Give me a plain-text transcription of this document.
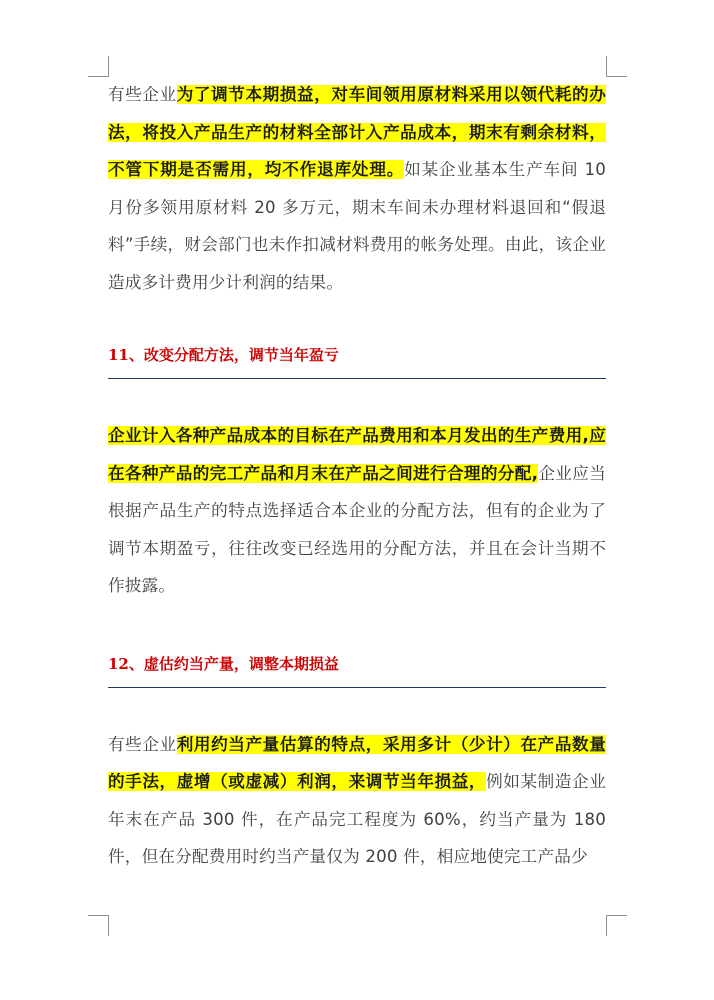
有些企业为了调节本期损益，对车间领用原材料采用以领代耗的办法，将投入产品生产的材料全部计入产品成本，期末有剩余材料，不管下期是否需用，均不作退库处理。如某企业基本生产车间 10 月份多领用原材料 20 多万元，期末车间未办理材料退回和“假退料”手续，财会部门也未作扣减材料费用的帐务处理。由此，该企业造成多计费用少计利润的结果。

11、改变分配方法，调节当年盈亏

企业计入各种产品成本的目标在产品费用和本月发出的生产费用,应在各种产品的完工产品和月末在产品之间进行合理的分配,企业应当根据产品生产的特点选择适合本企业的分配方法，但有的企业为了调节本期盈亏，往往改变已经选用的分配方法，并且在会计当期不作披露。

12、虚估约当产量，调整本期损益

有些企业利用约当产量估算的特点，采用多计（少计）在产品数量的手法，虚增（或虚减）利润，来调节当年损益，例如某制造企业年末在产品 300 件，在产品完工程度为 60%，约当产量为 180 件，但在分配费用时约当产量仅为 200 件，相应地使完工产品少
